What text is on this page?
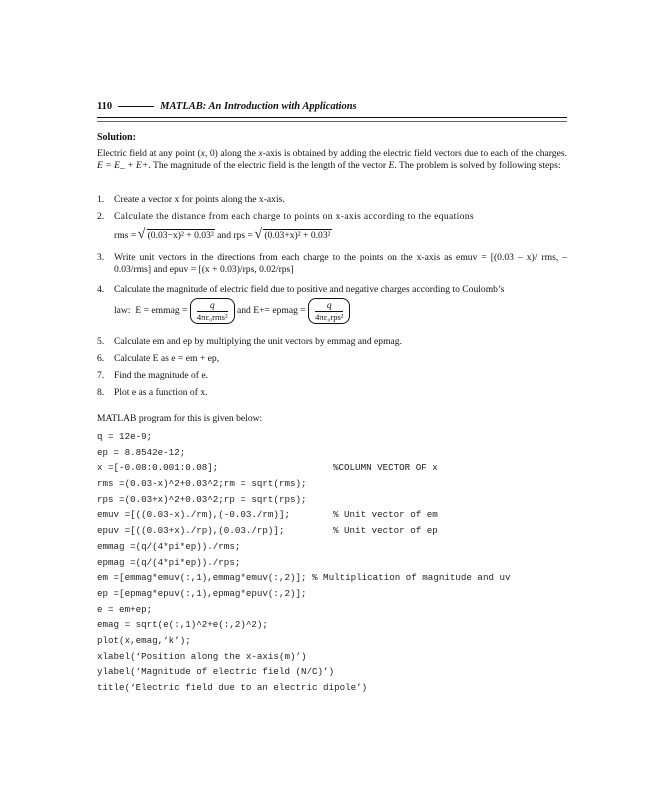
110	MATLAB: An Introduction with Applications
Solution:
Electric field at any point (x, 0) along the x-axis is obtained by adding the electric field vectors due to each of the charges. E = E_ + E+. The magnitude of the electric field is the length of the vector E. The problem is solved by following steps:
1.	Create a vector x for points along the x-axis.
2.	Calculate the distance from each charge to points on x-axis according to the equations
rms = √ (0.03−x)² + 0.03² and rps = √ (0.03+x)² + 0.03²
3.	Write unit vectors in the directions from each charge to the points on the x-axis as emuv = [(0.03 – x)/ rms, – 0.03/rms] and epuv = [(x + 0.03)/rps, 0.02/rps]
4.	Calculate the magnitude of electric field due to positive and negative charges according to Coulomb’s
law: E = emmag = $\frac{q}{\text{4πε₀rms²}}$ and E+= epmag = $\frac{q}{\text{4πε₀rps²}}$
5.	Calculate em and ep by multiplying the unit vectors by emmag and epmag.
6.	Calculate E as e = em + ep,
7.	Find the magnitude of e.
8.	Plot e as a function of x.
MATLAB program for this is given below:
q = 12e-9;
ep = 8.8542e-12;
x =[-0.08:0.001:0.08];	%COLUMN VECTOR OF x
rms =(0.03-x)^2+0.03^2;rm = sqrt(rms);
rps =(0.03+x)^2+0.03^2;rp = sqrt(rps);
emuv =[((0.03-x)./rm),(-0.03./rm)];	% Unit vector of em
epuv =[((0.03+x)./rp),(0.03./rp)];	% Unit vector of ep
emmag =(q/(4*pi*ep))./rms;
epmag =(q/(4*pi*ep))./rps;
em =[emmag*emuv(:,1),emmag*emuv(:,2)]; % Multiplication of magnitude and uv
ep =[epmag*epuv(:,1),epmag*epuv(:,2)];
e = em+ep;
emag = sqrt(e(:,1)^2+e(:,2)^2);
plot(x,emag,‘k’);
xlabel(‘Position along the x-axis(m)’)
ylabel(‘Magnitude of electric field (N/C)’)
title(‘Electric field due to an electric dipole’)
